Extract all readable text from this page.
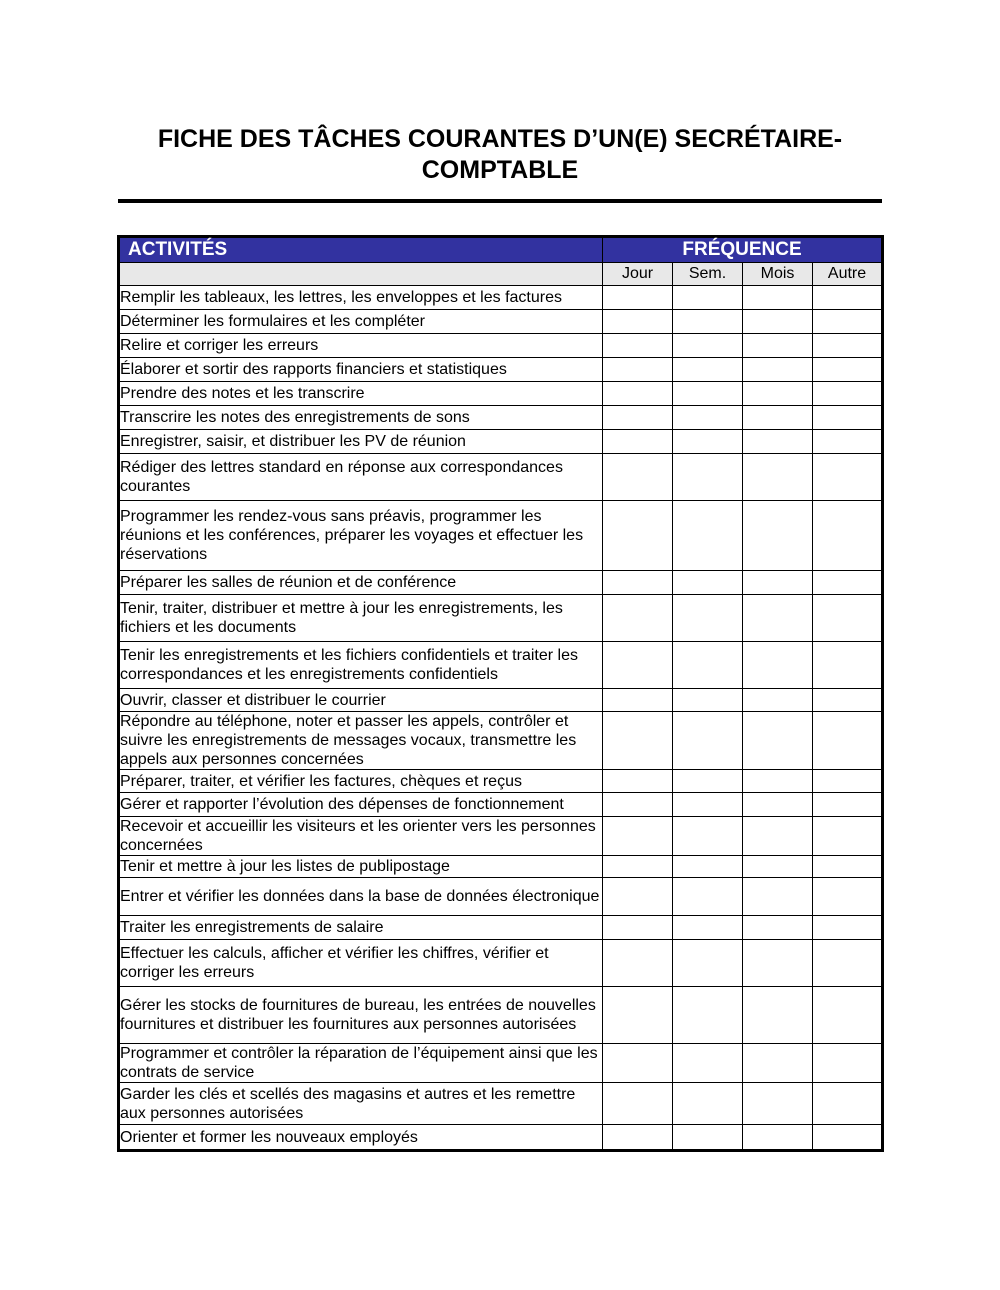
FICHE DES TÂCHES COURANTES D’UN(E) SECRÉTAIRE-
COMPTABLE
ACTIVITÉS	FRÉQUENCE			
	Jour	Sem.	Mois	Autre
Remplir les tableaux, les lettres, les enveloppes et les factures				
Déterminer les formulaires et les compléter				
Relire et corriger les erreurs				
Élaborer et sortir des rapports financiers et statistiques				
Prendre des notes et les transcrire				
Transcrire les notes des enregistrements de sons				
Enregistrer, saisir, et distribuer les PV de réunion				
Rédiger des lettres standard en réponse aux correspondances courantes				
Programmer les rendez-vous sans préavis, programmer les réunions et les conférences, préparer les voyages et effectuer les réservations				
Préparer les salles de réunion et de conférence				
Tenir, traiter, distribuer et mettre à jour les enregistrements, les fichiers et les documents				
Tenir les enregistrements et les fichiers confidentiels et traiter les correspondances et les enregistrements confidentiels				
Ouvrir, classer et distribuer le courrier				
Répondre au téléphone, noter et passer les appels, contrôler et suivre les enregistrements de messages vocaux, transmettre les appels aux personnes concernées				
Préparer, traiter, et vérifier les factures, chèques et reçus				
Gérer et rapporter l’évolution des dépenses de fonctionnement				
Recevoir et accueillir les visiteurs et les orienter vers les personnes concernées				
Tenir et mettre à jour les listes de publipostage				
Entrer et vérifier les données dans la base de données électronique				
Traiter les enregistrements de salaire				
Effectuer les calculs, afficher et vérifier les chiffres, vérifier et corriger les erreurs				
Gérer les stocks de fournitures de bureau, les entrées de nouvelles fournitures et distribuer les fournitures aux personnes autorisées				
Programmer et contrôler la réparation de l’équipement ainsi que les contrats de service				
Garder les clés et scellés des magasins et autres et les remettre aux personnes autorisées				
Orienter et former les nouveaux employés				
